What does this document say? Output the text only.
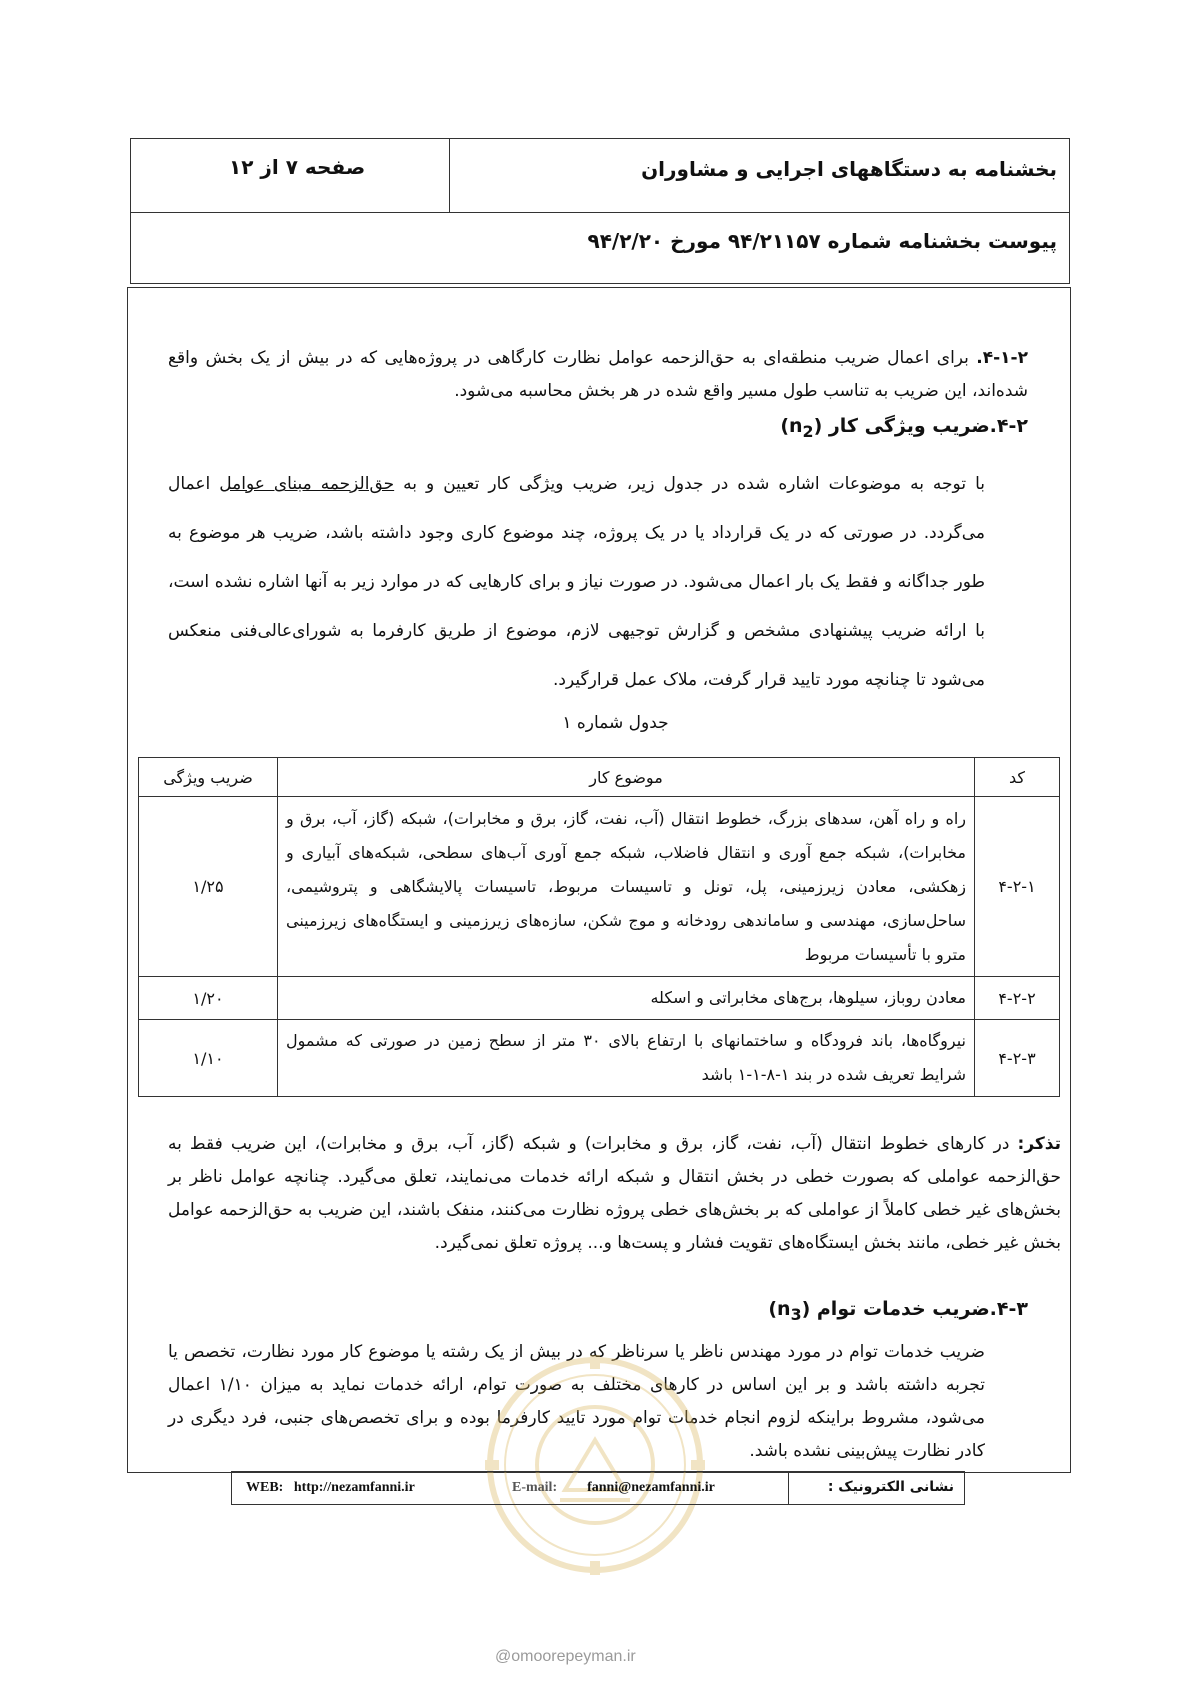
بخشنامه به دستگاههای اجرایی و مشاوران
صفحه ۷ از ۱۲
پیوست بخشنامه شماره ۹۴/۲۱۱۵۷ مورخ ۹۴/۲/۲۰

۴-۱-۲. برای اعمال ضریب منطقه‌ای به حق‌الزحمه عوامل نظارت کارگاهی در پروژه‌هایی که در بیش از یک بخش واقع شده‌اند، این ضریب به تناسب طول مسیر واقع شده در هر بخش محاسبه می‌شود.

۴-۲.ضریب ویژگی کار $(n_2)$

با توجه به موضوعات اشاره شده در جدول زیر، ضریب ویژگی کار تعیین و به حق‌الزحمه مبنای عوامل اعمال می‌گردد. در صورتی که در یک قرارداد یا در یک پروژه، چند موضوع کاری وجود داشته باشد، ضریب هر موضوع به طور جداگانه و فقط یک بار اعمال می‌شود. در صورت نیاز و برای کارهایی که در موارد زیر به آنها اشاره نشده است، با ارائه ضریب پیشنهادی مشخص و گزارش توجیهی لازم، موضوع از طریق کارفرما به شورای‌عالی‌فنی منعکس می‌شود تا چنانچه مورد تایید قرار گرفت، ملاک عمل قرارگیرد.

جدول شماره ۱
کد	موضوع کار	ضریب ویژگی
۴-۲-۱	راه و راه آهن، سدهای بزرگ، خطوط انتقال (آب، نفت، گاز، برق و مخابرات)، شبکه (گاز، آب، برق و مخابرات)، شبکه جمع آوری و انتقال فاضلاب، شبکه جمع آوری آب‌های سطحی، شبکه‌های آبیاری و زهکشی، معادن زیرزمینی، پل، تونل و تاسیسات مربوط، تاسیسات پالایشگاهی و پتروشیمی، ساحل‌سازی، مهندسی و ساماندهی رودخانه و موج شکن، سازه‌های زیرزمینی و ایستگاه‌های زیرزمینی مترو با تأسیسات مربوط	۱/۲۵
۴-۲-۲	معادن روباز، سیلوها، برج‌های مخابراتی و اسکله	۱/۲۰
۴-۲-۳	نیروگاه‌ها، باند فرودگاه و ساختمانهای با ارتفاع بالای ۳۰ متر از سطح زمین در صورتی که مشمول شرایط تعریف شده در بند ۱-۸-۱-۱ باشد	۱/۱۰

تذکر: در کارهای خطوط انتقال (آب، نفت، گاز، برق و مخابرات) و شبکه (گاز، آب، برق و مخابرات)، این ضریب فقط به حق‌الزحمه عواملی که بصورت خطی در بخش انتقال و شبکه ارائه خدمات می‌نمایند، تعلق می‌گیرد. چنانچه عوامل ناظر بر بخش‌های غیر خطی کاملاً از عواملی که بر بخش‌های خطی پروژه نظارت می‌کنند، منفک باشند، این ضریب به حق‌الزحمه عوامل بخش غیر خطی، مانند بخش ایستگاه‌های تقویت فشار و پست‌ها و... پروژه تعلق نمی‌گیرد.

۴-۳.ضریب خدمات توام $(n_3)$

ضریب خدمات توام در مورد مهندس ناظر یا سرناظر که در بیش از یک رشته یا موضوع کار مورد نظارت، تخصص یا تجربه داشته باشد و بر این اساس در کارهای مختلف به صورت توام، ارائه خدمات نماید به میزان ۱/۱۰ اعمال می‌شود، مشروط براینکه لزوم انجام خدمات توام مورد تایید کارفرما بوده و برای تخصص‌های جنبی، فرد دیگری در کادر نظارت پیش‌بینی نشده باشد.

WEB: http://nezamfanni.ir	E-mail: fanni@nezamfanni.ir	نشانی الکترونیک :
@omoorepeyman.ir
